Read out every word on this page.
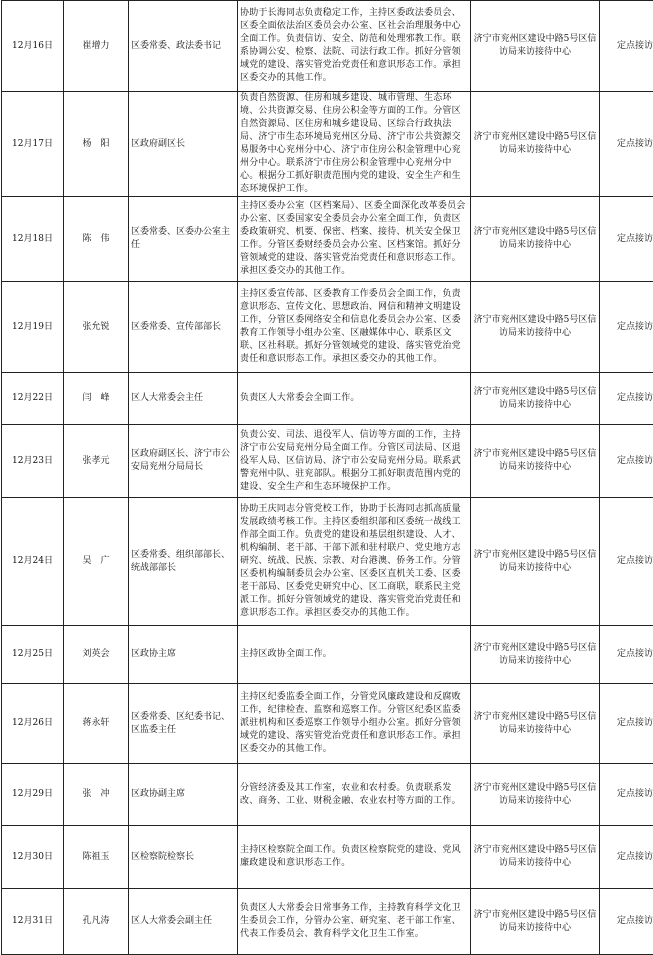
12月16日	崔增力	区委常委、政法委书记	协助于长海同志负责稳定工作，主持区委政法委员会、区委全面依法治区委员会办公室、区社会治理服务中心全面工作。负责信访、安全、防范和处理邪教工作。联系协调公安、检察、法院、司法行政工作。抓好分管领域党的建设、落实管党治党责任和意识形态工作。承担区委交办的其他工作。	济宁市兖州区建设中路5号区信访局来访接待中心	定点接访
12月17日	杨　阳	区政府副区长	负责自然资源、住房和城乡建设、城市管理、生态环境、公共资源交易、住房公积金等方面的工作。分管区自然资源局、区住房和城乡建设局、区综合行政执法局、济宁市生态环境局兖州区分局、济宁市公共资源交易服务中心兖州分中心、济宁市住房公积金管理中心兖州分中心。联系济宁市住房公积金管理中心兖州分中心。根据分工抓好职责范围内党的建设、安全生产和生态环境保护工作。	济宁市兖州区建设中路5号区信访局来访接待中心	定点接访
12月18日	陈　伟	区委常委、区委办公室主任	主持区委办公室（区档案局）、区委全面深化改革委员会办公室、区委国家安全委员会办公室全面工作，负责区委政策研究、机要、保密、档案、接待、机关安全保卫工作。分管区委财经委员会办公室、区档案馆。抓好分管领域党的建设、落实管党治党责任和意识形态工作。承担区委交办的其他工作。	济宁市兖州区建设中路5号区信访局来访接待中心	定点接访
12月19日	张允锐	区委常委、宣传部部长	主持区委宣传部、区委教育工作委员会全面工作，负责意识形态、宣传文化、思想政治、网信和精神文明建设工作，分管区委网络安全和信息化委员会办公室、区委教育工作领导小组办公室、区融媒体中心、联系区文联、区社科联。抓好分管领域党的建设、落实管党治党责任和意识形态工作。承担区委交办的其他工作。	济宁市兖州区建设中路5号区信访局来访接待中心	定点接访
12月22日	闫　峰	区人大常委会主任	负责区人大常委会全面工作。	济宁市兖州区建设中路5号区信访局来访接待中心	定点接访
12月23日	张孝元	区政府副区长、济宁市公安局兖州分局局长	负责公安、司法、退役军人、信访等方面的工作，主持济宁市公安局兖州分局全面工作。分管区司法局、区退役军人局、区信访局、济宁市公安局兖州分局。联系武警兖州中队、驻兖部队。根据分工抓好职责范围内党的建设、安全生产和生态环境保护工作。	济宁市兖州区建设中路5号区信访局来访接待中心	定点接访
12月24日	吴　广	区委常委、组织部部长、统战部部长	协助王庆同志分管党校工作，协助于长海同志抓高质量发展政绩考核工作。主持区委组织部和区委统一战线工作部全面工作。负责党的建设和基层组织建设、人才、机构编制、老干部、干部下派和驻村联户、党史地方志研究、统战、民族、宗教、对台港澳、侨务工作。分管区委机构编制委员会办公室、区委区直机关工委、区委老干部局、区委党史研究中心、区工商联，联系民主党派工作。抓好分管领域党的建设、落实管党治党责任和意识形态工作。承担区委交办的其他工作。	济宁市兖州区建设中路5号区信访局来访接待中心	定点接访
12月25日	刘英会	区政协主席	主持区政协全面工作。	济宁市兖州区建设中路5号区信访局来访接待中心	定点接访
12月26日	蒋永轩	区委常委、区纪委书记、区监委主任	主持区纪委监委全面工作，分管党风廉政建设和反腐败工作，纪律检查、监察和巡察工作。分管区纪委区监委派驻机构和区委巡察工作领导小组办公室。抓好分管领域党的建设、落实管党治党责任和意识形态工作。承担区委交办的其他工作。	济宁市兖州区建设中路5号区信访局来访接待中心	定点接访
12月29日	张　冲	区政协副主席	分管经济委及其工作室，农业和农村委。负责联系发改、商务、工业、财税金融、农业农村等方面的工作。	济宁市兖州区建设中路5号区信访局来访接待中心	定点接访
12月30日	陈祖玉	区检察院检察长	主持区检察院全面工作。负责区检察院党的建设、党风廉政建设和意识形态工作。	济宁市兖州区建设中路5号区信访局来访接待中心	定点接访
12月31日	孔凡涛	区人大常委会副主任	负责区人大常委会日常事务工作，主持教育科学文化卫生委员会工作，分管办公室、研究室、老干部工作室、代表工作委员会、教育科学文化卫生工作室。	济宁市兖州区建设中路5号区信访局来访接待中心	定点接访
